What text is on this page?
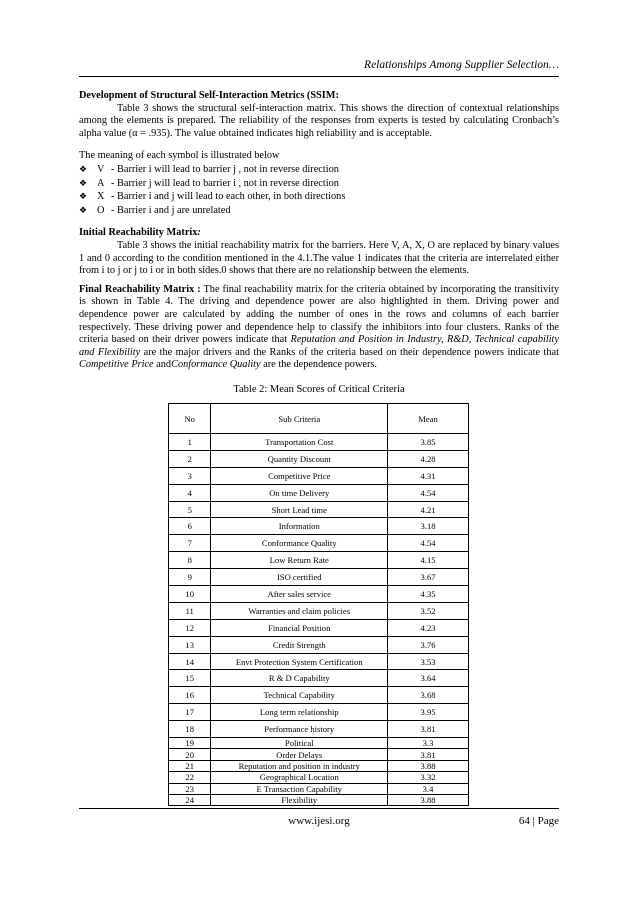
Relationships Among Supplier Selection…

Development of Structural Self-Interaction Metrics (SSIM:

Table 3 shows the structural self-interaction matrix. This shows the direction of contextual relationships among the elements is prepared. The reliability of the responses from experts is tested by calculating Cronbach’s alpha value (α = .935). The value obtained indicates high reliability and is acceptable.

The meaning of each symbol is illustrated below

❖ V - Barrier i will lead to barrier j , not in reverse direction
❖ A - Barrier j will lead to barrier i , not in reverse direction
❖ X - Barrier i and j will lead to each other, in both directions
❖ O - Barrier i and j are unrelated

Initial Reachability Matrix:

Table 3 shows the initial reachability matrix for the barriers. Here V, A, X, O are replaced by binary values 1 and 0 according to the condition mentioned in the 4.1.The value 1 indicates that the criteria are interrelated either from i to j or j to i or in both sides.0 shows that there are no relationship between the elements.

Final Reachability Matrix : The final reachability matrix for the criteria obtained by incorporating the transitivity is shown in Table 4. The driving and dependence power are also highlighted in them. Driving power and dependence power are calculated by adding the number of ones in the rows and columns of each barrier respectively. These driving power and dependence help to classify the inhibitors into four clusters. Ranks of the criteria based on their driver powers indicate that Reputation and Position in Industry, R&D, Technical capability and Flexibility are the major drivers and the Ranks of the criteria based on their dependence powers indicate that Competitive Price andConformance Quality are the dependence powers.

Table 2: Mean Scores of Critical Criteria
No	Sub Criteria	Mean
1	Transportation Cost	3.85
2	Quantity Discount	4.28
3	Competitive Price	4.31
4	On time Delivery	4.54
5	Short Lead time	4.21
6	Information	3.18
7	Conformance Quality	4.54
8	Low Return Rate	4.15
9	ISO certified	3.67
10	After sales service	4.35
11	Warranties and claim policies	3.52
12	Financial Position	4.23
13	Credit Strength	3.76
14	Envt Protection System Certification	3.53
15	R & D Capability	3.64
16	Technical Capability	3.68
17	Long term relationship	3.95
18	Performance history	3.81
19	Political	3.3
20	Order Delays	3.81
21	Reputation and position in industry	3.88
22	Geographical Location	3.32
23	E Transaction Capability	3.4
24	Flexibility	3.88
www.ijesi.org	64 | Page
